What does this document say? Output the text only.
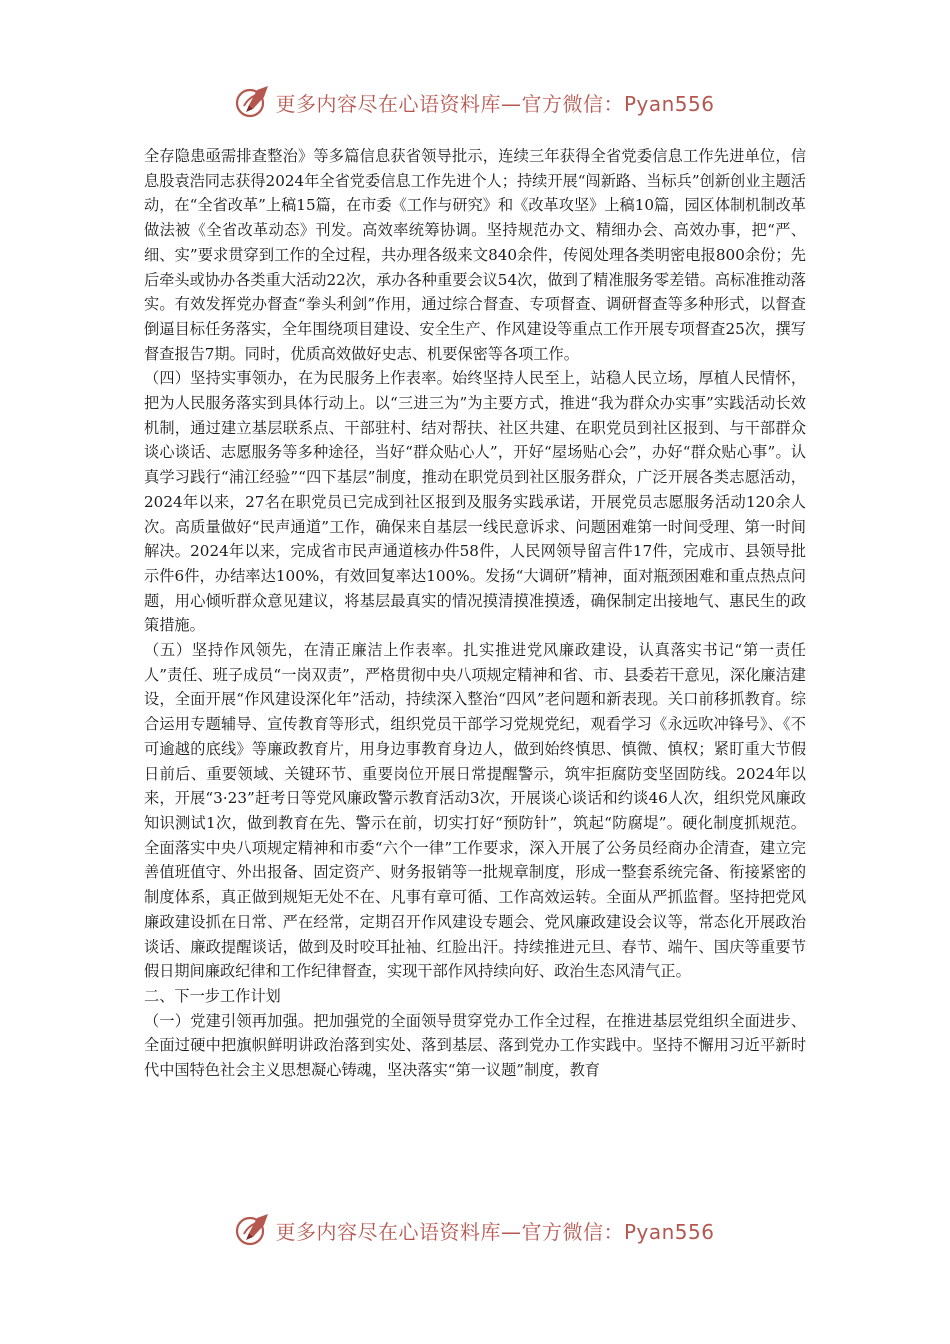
更多内容尽在心语资料库—官方微信：Pyan556

全存隐患亟需排查整治》等多篇信息获省领导批示，连续三年获得全省党委信息工作先进单位，信息股袁浩同志获得2024年全省党委信息工作先进个人；持续开展“闯新路、当标兵”创新创业主题活动，在“全省改革”上稿15篇，在市委《工作与研究》和《改革攻坚》上稿10篇，园区体制机制改革做法被《全省改革动态》刊发。高效率统筹协调。坚持规范办文、精细办会、高效办事，把“严、细、实”要求贯穿到工作的全过程，共办理各级来文840余件，传阅处理各类明密电报800余份；先后牵头或协办各类重大活动22次，承办各种重要会议54次，做到了精准服务零差错。高标准推动落实。有效发挥党办督查“拳头利剑”作用，通过综合督查、专项督查、调研督查等多种形式，以督查倒逼目标任务落实，全年围绕项目建设、安全生产、作风建设等重点工作开展专项督查25次，撰写督查报告7期。同时，优质高效做好史志、机要保密等各项工作。

（四）坚持实事领办，在为民服务上作表率。始终坚持人民至上，站稳人民立场，厚植人民情怀，把为人民服务落实到具体行动上。以“三进三为”为主要方式，推进“我为群众办实事”实践活动长效机制，通过建立基层联系点、干部驻村、结对帮扶、社区共建、在职党员到社区报到、与干部群众谈心谈话、志愿服务等多种途径，当好“群众贴心人”，开好“屋场贴心会”，办好“群众贴心事”。认真学习践行“浦江经验”“四下基层”制度，推动在职党员到社区服务群众，广泛开展各类志愿活动，2024年以来，27名在职党员已完成到社区报到及服务实践承诺，开展党员志愿服务活动120余人次。高质量做好“民声通道”工作，确保来自基层一线民意诉求、问题困难第一时间受理、第一时间解决。2024年以来，完成省市民声通道核办件58件，人民网领导留言件17件，完成市、县领导批示件6件，办结率达100%，有效回复率达100%。发扬“大调研”精神，面对瓶颈困难和重点热点问题，用心倾听群众意见建议，将基层最真实的情况摸清摸准摸透，确保制定出接地气、惠民生的政策措施。

（五）坚持作风领先，在清正廉洁上作表率。扎实推进党风廉政建设，认真落实书记“第一责任人”责任、班子成员“一岗双责”，严格贯彻中央八项规定精神和省、市、县委若干意见，深化廉洁建设，全面开展“作风建设深化年”活动，持续深入整治“四风”老问题和新表现。关口前移抓教育。综合运用专题辅导、宣传教育等形式，组织党员干部学习党规党纪，观看学习《永远吹冲锋号》、《不可逾越的底线》等廉政教育片，用身边事教育身边人，做到始终慎思、慎微、慎权；紧盯重大节假日前后、重要领域、关键环节、重要岗位开展日常提醒警示，筑牢拒腐防变坚固防线。2024年以来，开展“3·23”赶考日等党风廉政警示教育活动3次，开展谈心谈话和约谈46人次，组织党风廉政知识测试1次，做到教育在先、警示在前，切实打好“预防针”，筑起“防腐堤”。硬化制度抓规范。全面落实中央八项规定精神和市委“六个一律”工作要求，深入开展了公务员经商办企清查，建立完善值班值守、外出报备、固定资产、财务报销等一批规章制度，形成一整套系统完备、衔接紧密的制度体系，真正做到规矩无处不在、凡事有章可循、工作高效运转。全面从严抓监督。坚持把党风廉政建设抓在日常、严在经常，定期召开作风建设专题会、党风廉政建设会议等，常态化开展政治谈话、廉政提醒谈话，做到及时咬耳扯袖、红脸出汗。持续推进元旦、春节、端午、国庆等重要节假日期间廉政纪律和工作纪律督查，实现干部作风持续向好、政治生态风清气正。

二、下一步工作计划

（一）党建引领再加强。把加强党的全面领导贯穿党办工作全过程，在推进基层党组织全面进步、全面过硬中把旗帜鲜明讲政治落到实处、落到基层、落到党办工作实践中。坚持不懈用习近平新时代中国特色社会主义思想凝心铸魂，坚决落实“第一议题”制度，教育

更多内容尽在心语资料库—官方微信：Pyan556
